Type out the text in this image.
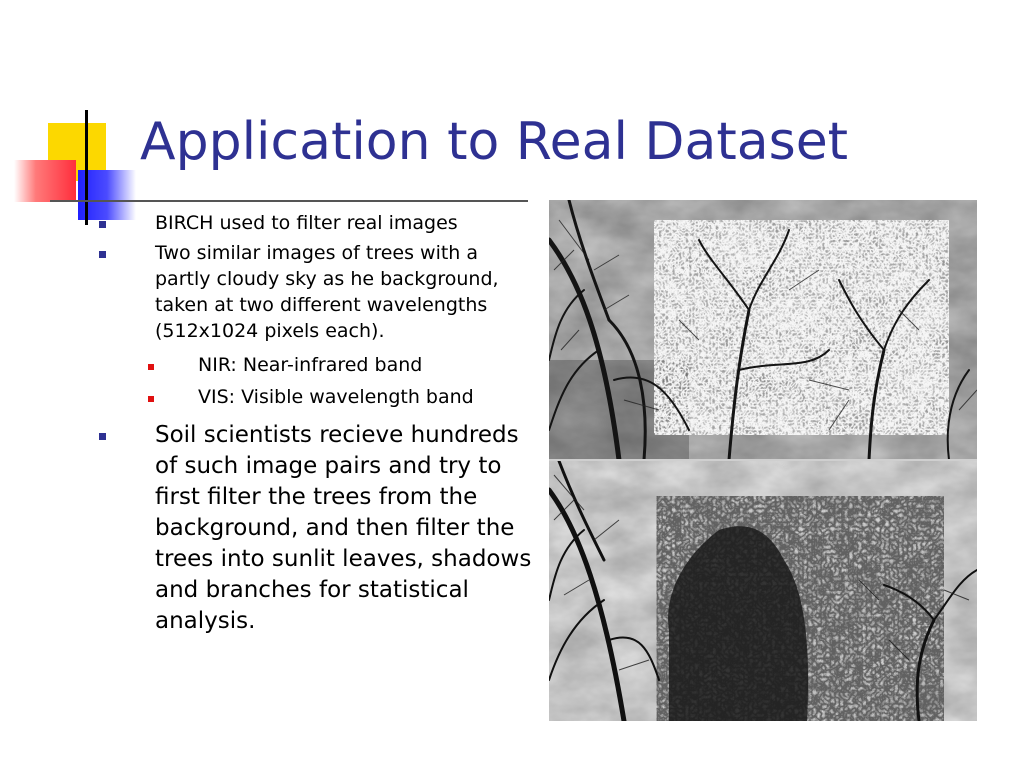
Application to Real Dataset
BIRCH used to filter real images
Two similar images of trees with a partly cloudy sky as he background, taken at two different wavelengths (512x1024 pixels each).
NIR: Near-infrared band
VIS: Visible wavelength band
Soil scientists recieve hundreds of such image pairs and try to first filter the trees from the background, and then filter the trees into sunlit leaves, shadows and branches for statistical analysis.
